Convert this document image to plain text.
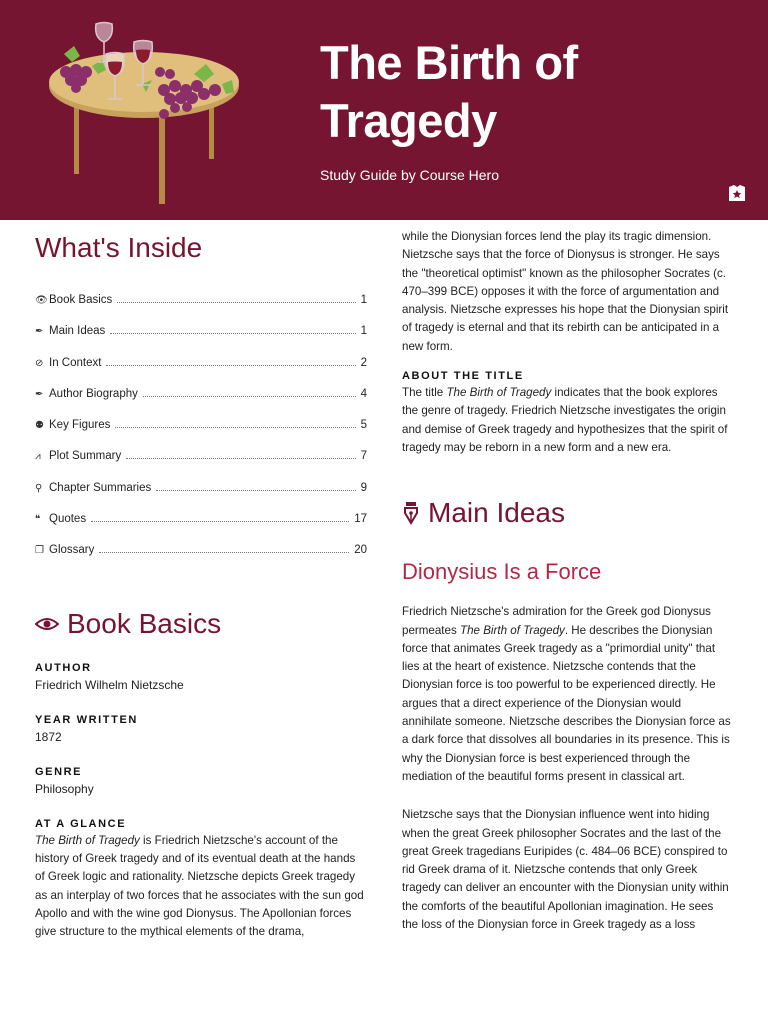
The Birth of
Tragedy
Study Guide by Course Hero
What's Inside
👁 Book Basics	1
✒ Main Ideas	1
⊘ In Context	2
✒ Author Biography	4
⚉ Key Figures	5
⩘ Plot Summary	7
⚲ Chapter Summaries	9
❝ Quotes	17
❐ Glossary	20
Book Basics
AUTHOR
Friedrich Wilhelm Nietzsche
YEAR WRITTEN
1872
GENRE
Philosophy
AT A GLANCE

The Birth of Tragedy is Friedrich Nietzsche's account of the history of Greek tragedy and of its eventual death at the hands of Greek logic and rationality. Nietzsche depicts Greek tragedy as an interplay of two forces that he associates with the sun god Apollo and with the wine god Dionysus. The Apollonian forces give structure to the mythical elements of the drama,

while the Dionysian forces lend the play its tragic dimension. Nietzsche says that the force of Dionysus is stronger. He says the "theoretical optimist" known as the philosopher Socrates (c. 470–399 BCE) opposes it with the force of argumentation and analysis. Nietzsche expresses his hope that the Dionysian spirit of tragedy is eternal and that its rebirth can be anticipated in a new form.

ABOUT THE TITLE

The title The Birth of Tragedy indicates that the book explores the genre of tragedy. Friedrich Nietzsche investigates the origin and demise of Greek tragedy and hypothesizes that the spirit of tragedy may be reborn in a new form and a new era.

Main Ideas
Dionysius Is a Force

Friedrich Nietzsche's admiration for the Greek god Dionysus permeates The Birth of Tragedy. He describes the Dionysian force that animates Greek tragedy as a "primordial unity" that lies at the heart of existence. Nietzsche contends that the Dionysian force is too powerful to be experienced directly. He argues that a direct experience of the Dionysian would annihilate someone. Nietzsche describes the Dionysian force as a dark force that dissolves all boundaries in its presence. This is why the Dionysian force is best experienced through the mediation of the beautiful forms present in classical art.

Nietzsche says that the Dionysian influence went into hiding when the great Greek philosopher Socrates and the last of the great Greek tragedians Euripides (c. 484–06 BCE) conspired to rid Greek drama of it. Nietzsche contends that only Greek tragedy can deliver an encounter with the Dionysian unity within the comforts of the beautiful Apollonian imagination. He sees the loss of the Dionysian force in Greek tragedy as a loss
